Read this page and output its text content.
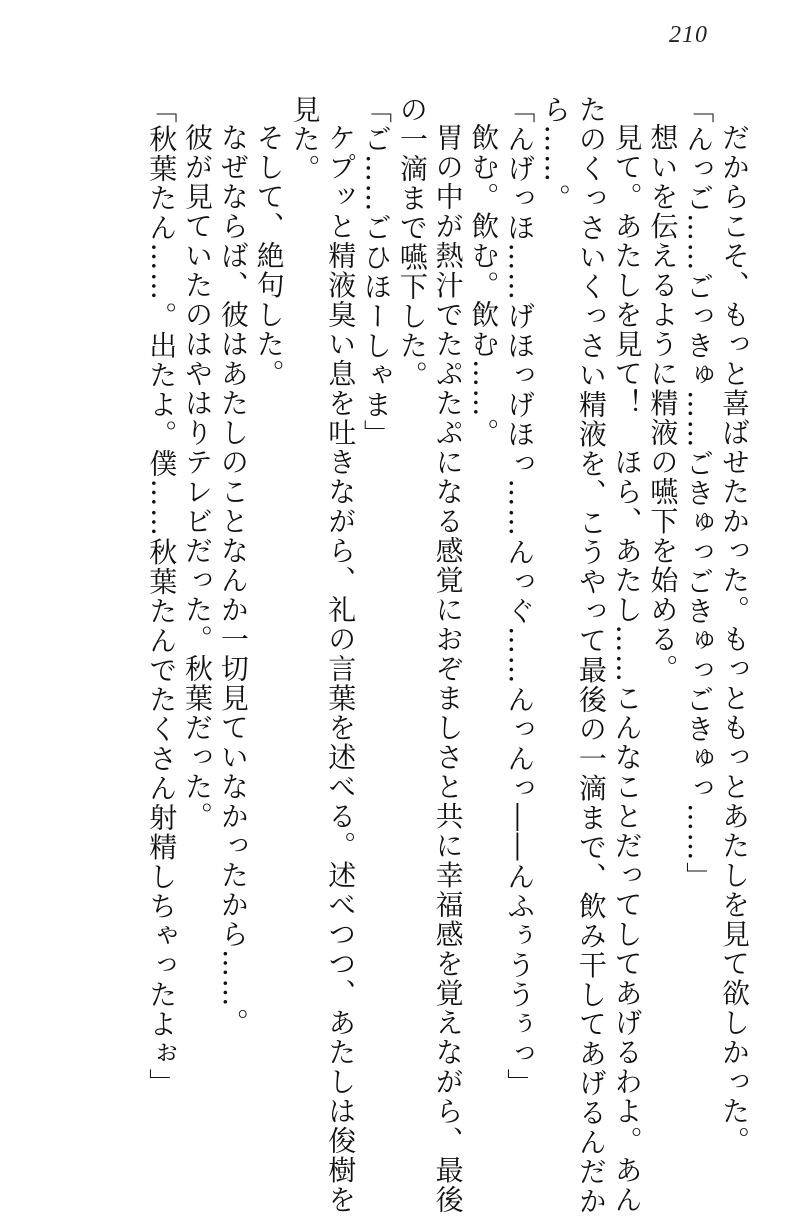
210

だからこそ、もっと喜ばせたかった。もっともっとあたしを見て欲しかった。

「んっご……ごっきゅ……ごきゅっごきゅっごきゅっ……」

想いを伝えるように精液の嚥下を始める。

見て。あたしを見て！　ほら、あたし……こんなことだってしてあげるわよ。あん

たのくっさいくっさい精液を、こうやって最後の一滴まで、飲み干してあげるんだか

ら……。

「んげっほ……げほっげほっ……んっぐ……んっんっ――んふぅううぅっ」

飲む。飲む。飲む……。

胃の中が熱汁でたぷたぷになる感覚におぞましさと共に幸福感を覚えながら、最後

の一滴まで嚥下した。

「ご……ごひほーしゃま」

ケプッと精液臭い息を吐きながら、礼の言葉を述べる。述べつつ、あたしは俊樹を

見た。

そして、絶句した。

なぜならば、彼はあたしのことなんか一切見ていなかったから……。

彼が見ていたのはやはりテレビだった。秋葉だった。

「秋葉たん……。出たよ。僕……秋葉たんでたくさん射精しちゃったよぉ」
